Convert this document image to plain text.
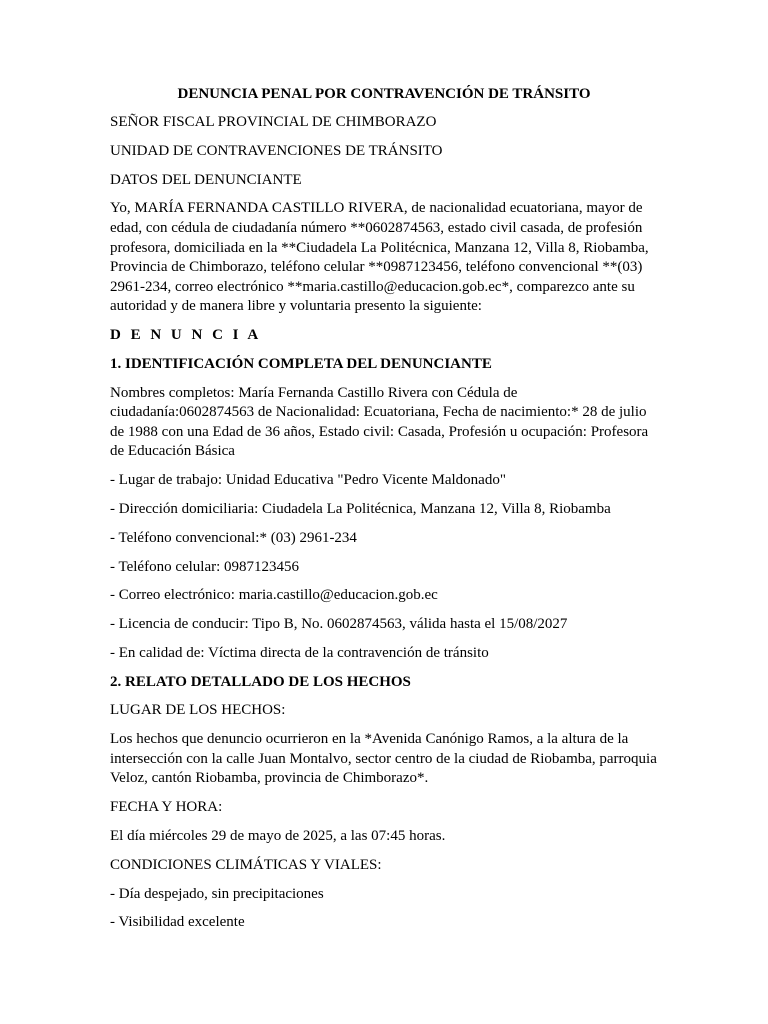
DENUNCIA PENAL POR CONTRAVENCIÓN DE TRÁNSITO
SEÑOR FISCAL PROVINCIAL DE CHIMBORAZO
UNIDAD DE CONTRAVENCIONES DE TRÁNSITO
DATOS DEL DENUNCIANTE
Yo, MARÍA FERNANDA CASTILLO RIVERA, de nacionalidad ecuatoriana, mayor de edad, con cédula de ciudadanía número **0602874563, estado civil casada, de profesión profesora, domiciliada en la **Ciudadela La Politécnica, Manzana 12, Villa 8, Riobamba, Provincia de Chimborazo, teléfono celular **0987123456, teléfono convencional **(03) 2961-234, correo electrónico **maria.castillo@educacion.gob.ec*, comparezco ante su autoridad y de manera libre y voluntaria presento la siguiente:
D E N U N C I A
1. IDENTIFICACIÓN COMPLETA DEL DENUNCIANTE
Nombres completos: María Fernanda Castillo Rivera con Cédula de ciudadanía:0602874563 de Nacionalidad: Ecuatoriana, Fecha de nacimiento:* 28 de julio de 1988 con una Edad de 36 años, Estado civil: Casada, Profesión u ocupación: Profesora de Educación Básica
- Lugar de trabajo: Unidad Educativa "Pedro Vicente Maldonado"
- Dirección domiciliaria: Ciudadela La Politécnica, Manzana 12, Villa 8, Riobamba
- Teléfono convencional:* (03) 2961-234
- Teléfono celular: 0987123456
- Correo electrónico: maria.castillo@educacion.gob.ec
- Licencia de conducir: Tipo B, No. 0602874563, válida hasta el 15/08/2027
- En calidad de: Víctima directa de la contravención de tránsito
2. RELATO DETALLADO DE LOS HECHOS
LUGAR DE LOS HECHOS:
Los hechos que denuncio ocurrieron en la *Avenida Canónigo Ramos, a la altura de la intersección con la calle Juan Montalvo, sector centro de la ciudad de Riobamba, parroquia Veloz, cantón Riobamba, provincia de Chimborazo*.
FECHA Y HORA:
El día miércoles 29 de mayo de 2025, a las 07:45 horas.
CONDICIONES CLIMÁTICAS Y VIALES:
- Día despejado, sin precipitaciones
- Visibilidad excelente
